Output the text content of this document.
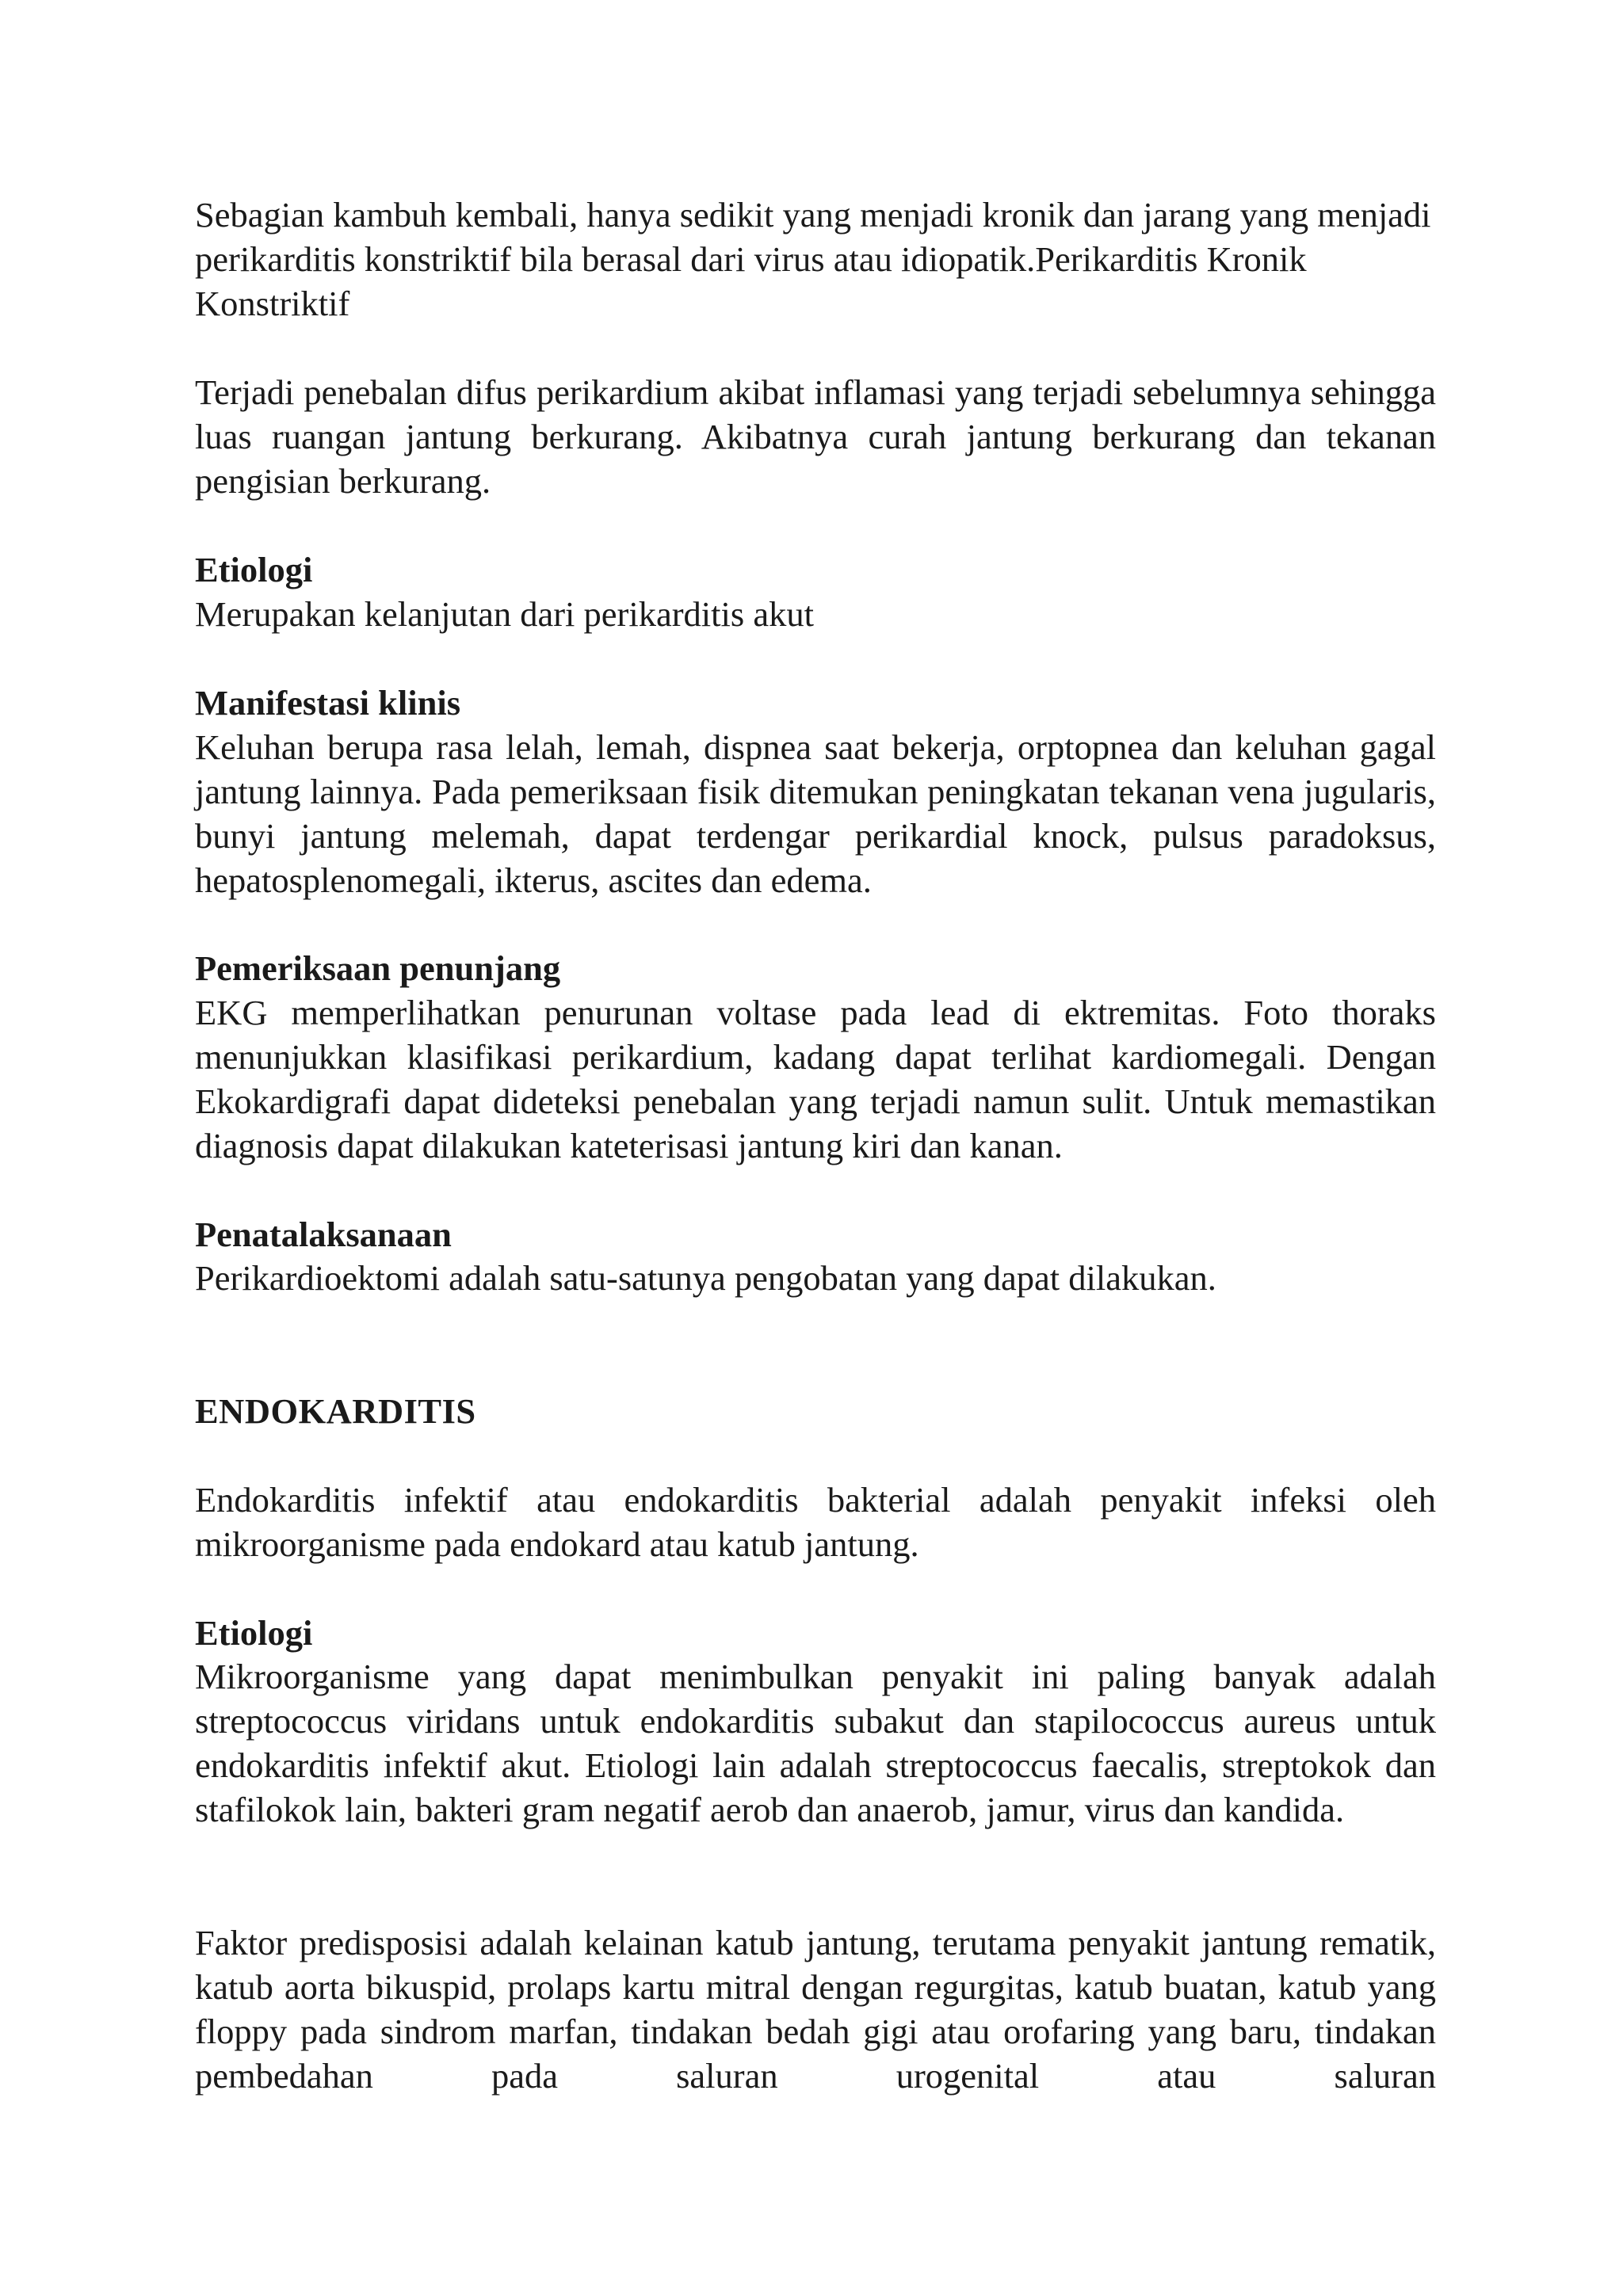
Sebagian kambuh kembali, hanya sedikit yang menjadi kronik dan jarang yang menjadi perikarditis konstriktif bila berasal dari virus atau idiopatik.Perikarditis Kronik Konstriktif

Terjadi penebalan difus perikardium akibat inflamasi yang terjadi sebelumnya sehingga luas ruangan jantung berkurang. Akibatnya curah jantung berkurang dan tekanan pengisian berkurang.

Etiologi

Merupakan kelanjutan dari perikarditis akut

Manifestasi klinis

Keluhan berupa rasa lelah, lemah, dispnea saat bekerja, orptopnea dan keluhan gagal jantung lainnya. Pada pemeriksaan fisik ditemukan peningkatan tekanan vena jugularis, bunyi jantung melemah, dapat terdengar perikardial knock, pulsus paradoksus, hepatosplenomegali, ikterus, ascites dan edema.

Pemeriksaan penunjang

EKG memperlihatkan penurunan voltase pada lead di ektremitas. Foto thoraks menunjukkan klasifikasi perikardium, kadang dapat terlihat kardiomegali. Dengan Ekokardigrafi dapat dideteksi penebalan yang terjadi namun sulit. Untuk memastikan diagnosis dapat dilakukan kateterisasi jantung kiri dan kanan.

Penatalaksanaan

Perikardioektomi adalah satu-satunya pengobatan yang dapat dilakukan.

ENDOKARDITIS

Endokarditis infektif atau endokarditis bakterial adalah penyakit infeksi oleh mikroorganisme pada endokard atau katub jantung.

Etiologi

Mikroorganisme yang dapat menimbulkan penyakit ini paling banyak adalah streptococcus viridans untuk endokarditis subakut dan stapilococcus aureus untuk endokarditis infektif akut. Etiologi lain adalah streptococcus faecalis, streptokok dan stafilokok lain, bakteri gram negatif aerob dan anaerob, jamur, virus dan kandida.

Faktor predisposisi adalah kelainan katub jantung, terutama penyakit jantung rematik, katub aorta bikuspid, prolaps kartu mitral dengan regurgitas, katub buatan, katub yang floppy pada sindrom marfan, tindakan bedah gigi atau orofaring yang baru, tindakan pembedahan pada saluran urogenital atau saluran
